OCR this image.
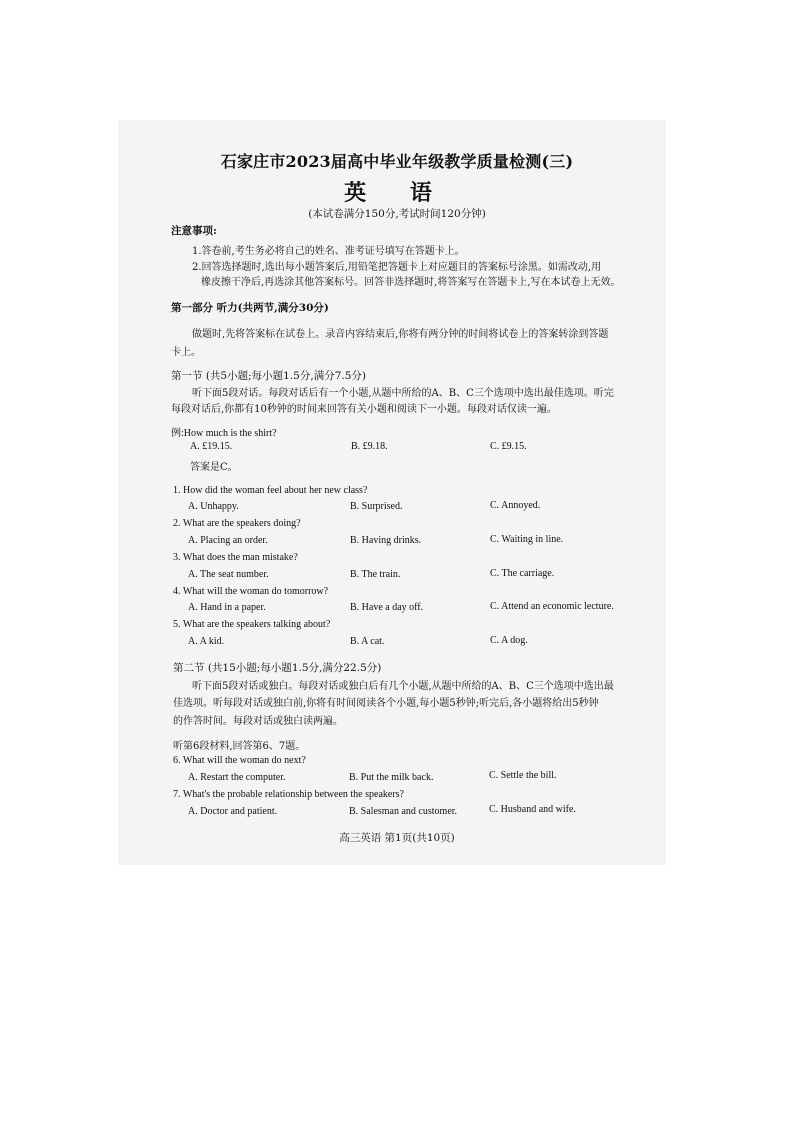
石家庄市2023届高中毕业年级教学质量检测(三)
英 语
(本试卷满分150分,考试时间120分钟)
注意事项:
1.答卷前,考生务必将自己的姓名、准考证号填写在答题卡上。
2.回答选择题时,选出每小题答案后,用铅笔把答题卡上对应题目的答案标号涂黑。如需改动,用
橡皮擦干净后,再选涂其他答案标号。回答非选择题时,将答案写在答题卡上,写在本试卷上无效。
第一部分 听力(共两节,满分30分)
做题时,先将答案标在试卷上。录音内容结束后,你将有两分钟的时间将试卷上的答案转涂到答题
卡上。
第一节 (共5小题;每小题1.5分,满分7.5分)
听下面5段对话。每段对话后有一个小题,从题中所给的A、B、C三个选项中选出最佳选项。听完
每段对话后,你都有10秒钟的时间来回答有关小题和阅读下一小题。每段对话仅读一遍。
例:How much is the shirt?
A. £19.15.	B. £9.18.	C. £9.15.
答案是C。
1. How did the woman feel about her new class?
A. Unhappy.	B. Surprised.	C. Annoyed.
2. What are the speakers doing?
A. Placing an order.	B. Having drinks.	C. Waiting in line.
3. What does the man mistake?
A. The seat number.	B. The train.	C. The carriage.
4. What will the woman do tomorrow?
A. Hand in a paper.	B. Have a day off.	C. Attend an economic lecture.
5. What are the speakers talking about?
A. A kid.	B. A cat.	C. A dog.
第二节 (共15小题;每小题1.5分,满分22.5分)
听下面5段对话或独白。每段对话或独白后有几个小题,从题中所给的A、B、C三个选项中选出最
佳选项。听每段对话或独白前,你将有时间阅读各个小题,每小题5秒钟;听完后,各小题将给出5秒钟
的作答时间。每段对话或独白读两遍。
听第6段材料,回答第6、7题。
6. What will the woman do next?
A. Restart the computer.	B. Put the milk back.	C. Settle the bill.
7. What's the probable relationship between the speakers?
A. Doctor and patient.	B. Salesman and customer.	C. Husband and wife.
高三英语 第1页(共10页)
